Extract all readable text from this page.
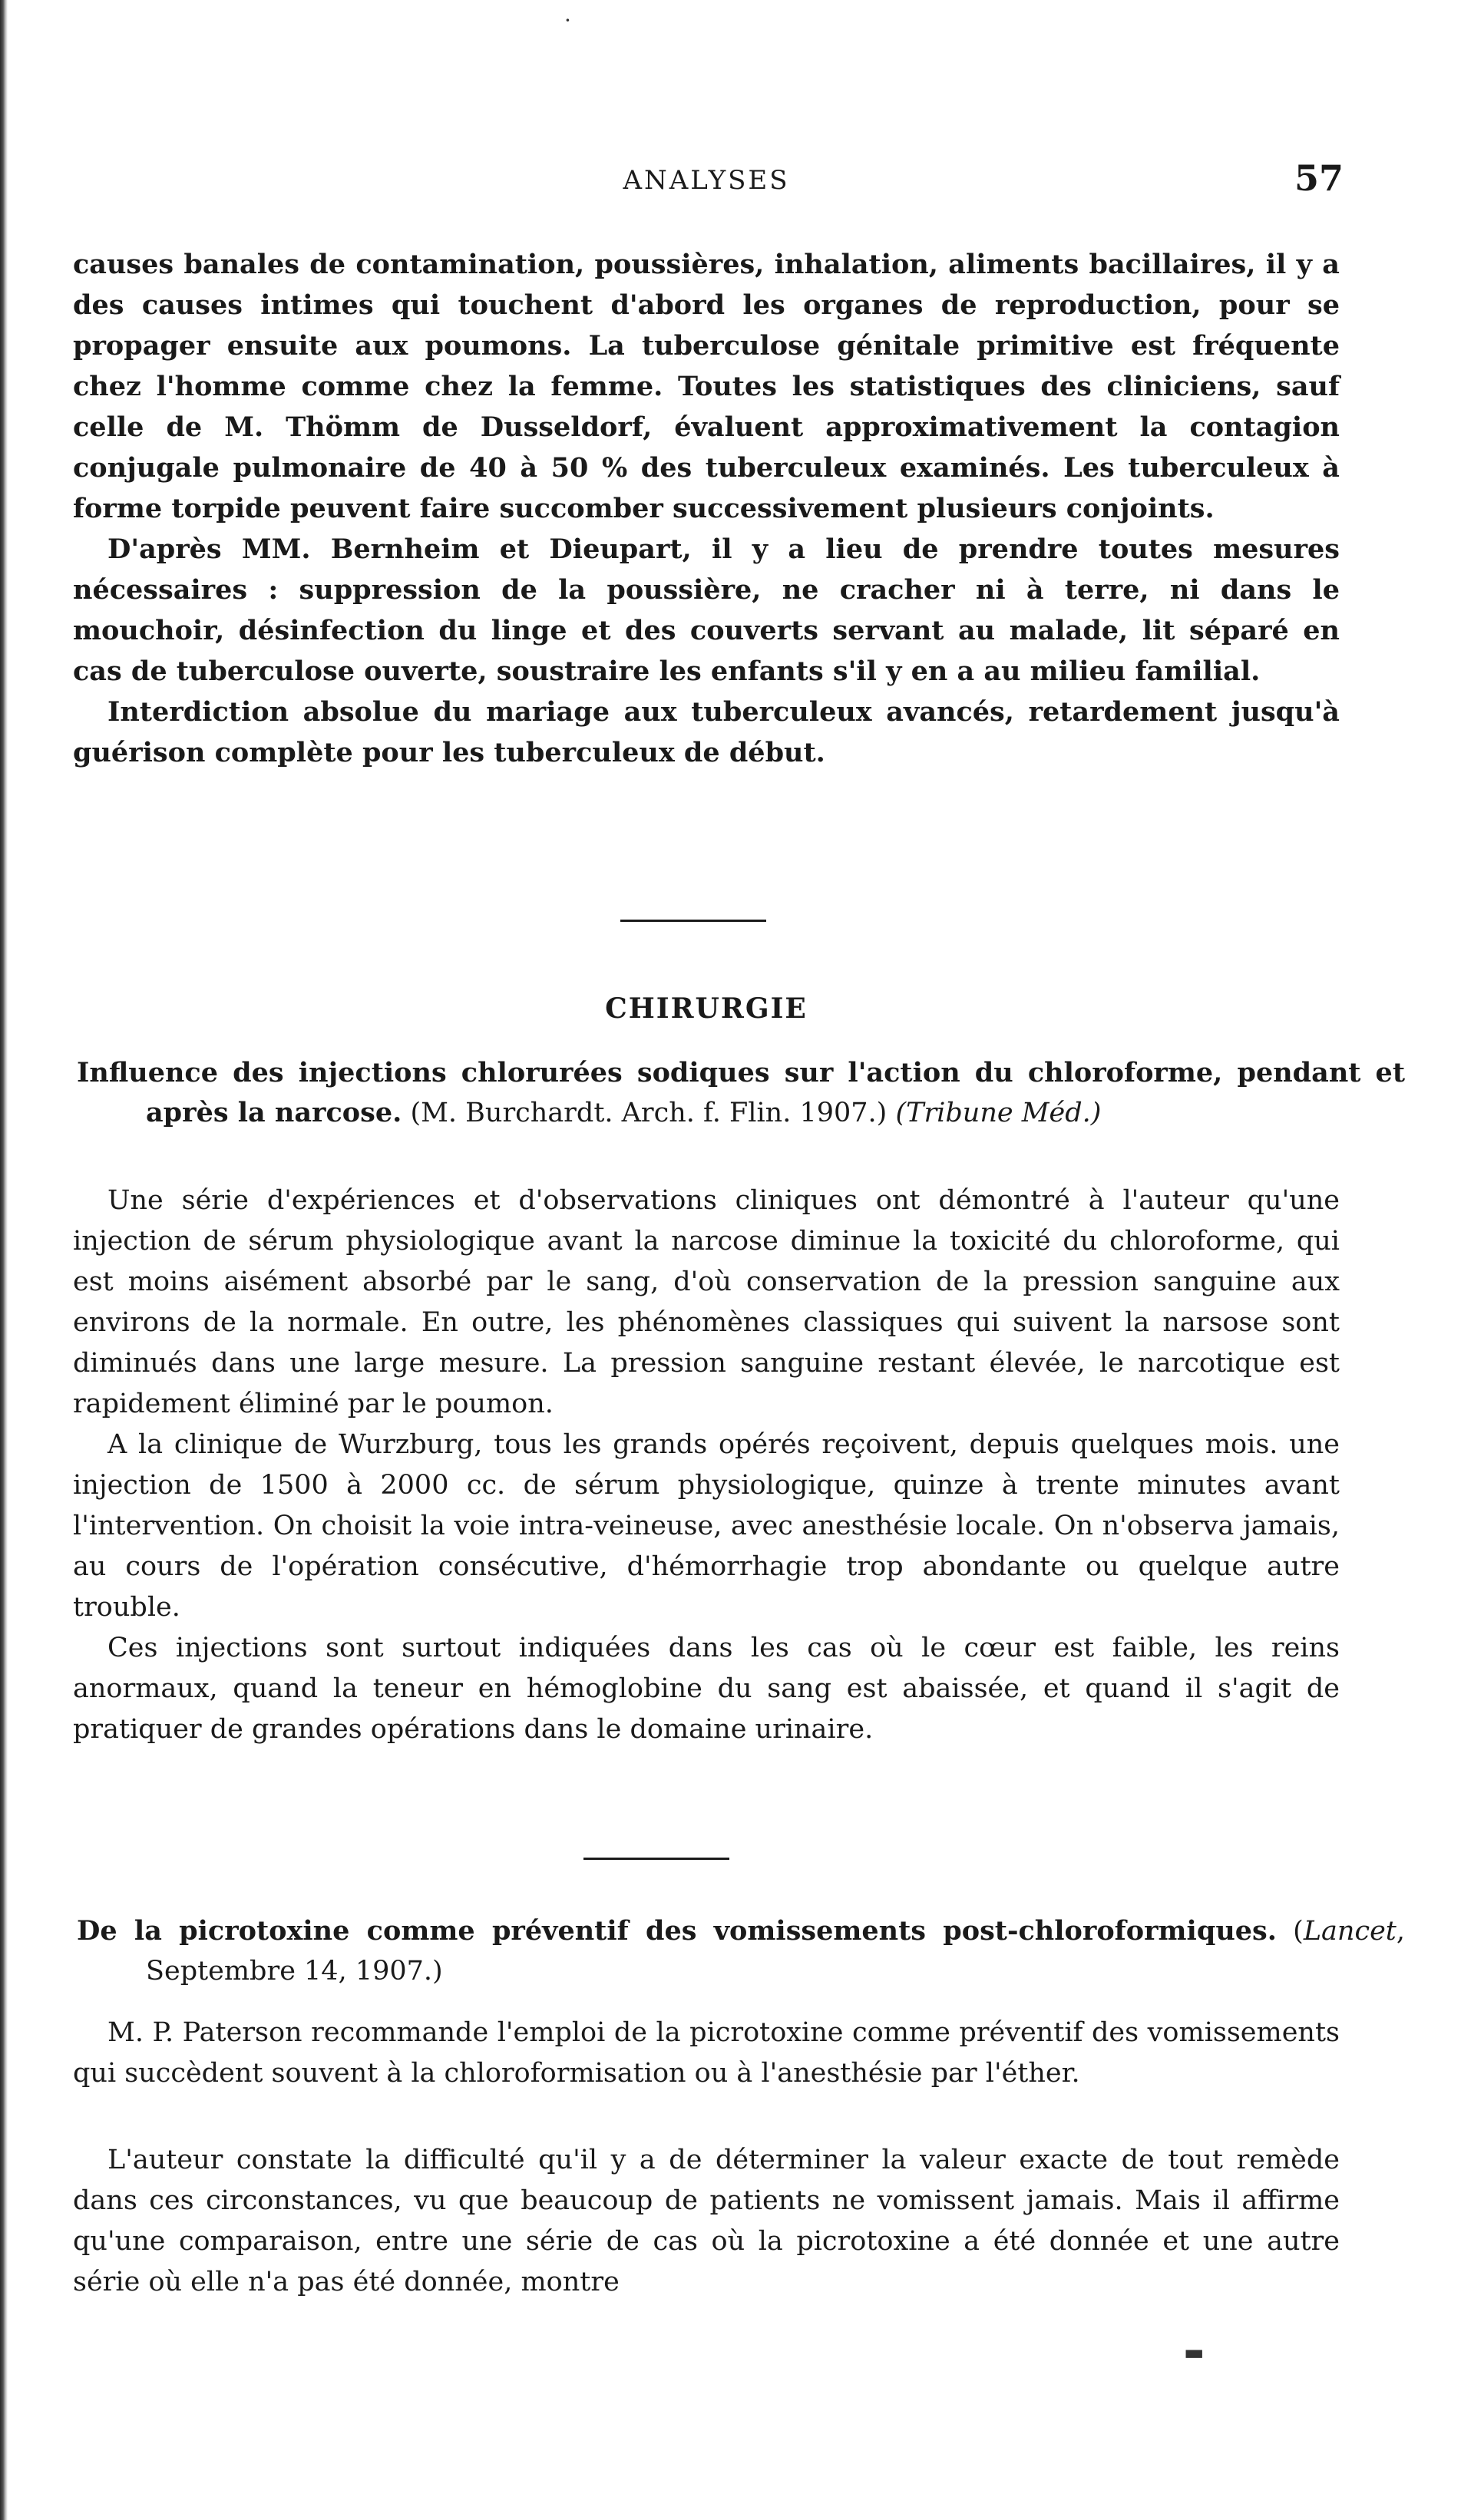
ANALYSES	57

causes banales de contamination, poussières, inhalation, aliments bacillaires, il y a des causes intimes qui touchent d'abord les organes de reproduction, pour se propager ensuite aux poumons. La tuberculose génitale primitive est fréquente chez l'homme comme chez la femme. Toutes les statistiques des cliniciens, sauf celle de M. Thömm de Dusseldorf, évaluent approximativement la contagion conjugale pulmonaire de 40 à 50 % des tuberculeux examinés. Les tuberculeux à forme torpide peuvent faire succomber successivement plusieurs conjoints.

D'après MM. Bernheim et Dieupart, il y a lieu de prendre toutes mesures nécessaires : suppression de la poussière, ne cracher ni à terre, ni dans le mouchoir, désinfection du linge et des couverts servant au malade, lit séparé en cas de tuberculose ouverte, soustraire les enfants s'il y en a au milieu familial.

Interdiction absolue du mariage aux tuberculeux avancés, retardement jusqu'à guérison complète pour les tuberculeux de début.

CHIRURGIE
Influence des injections chlorurées sodiques sur l'action du chloroforme, pendant et après la narcose. (M. Burchardt. Arch. f. Flin. 1907.) (Tribune Méd.)

Une série d'expériences et d'observations cliniques ont démontré à l'auteur qu'une injection de sérum physiologique avant la narcose diminue la toxicité du chloroforme, qui est moins aisément absorbé par le sang, d'où conservation de la pression sanguine aux environs de la normale. En outre, les phénomènes classiques qui suivent la narsose sont diminués dans une large mesure. La pression sanguine restant élevée, le narcotique est rapidement éliminé par le poumon.

A la clinique de Wurzburg, tous les grands opérés reçoivent, depuis quelques mois. une injection de 1500 à 2000 cc. de sérum physiologique, quinze à trente minutes avant l'intervention. On choisit la voie intra-veineuse, avec anesthésie locale. On n'observa jamais, au cours de l'opération consécutive, d'hémorrhagie trop abondante ou quelque autre trouble.

Ces injections sont surtout indiquées dans les cas où le cœur est faible, les reins anormaux, quand la teneur en hémoglobine du sang est abaissée, et quand il s'agit de pratiquer de grandes opérations dans le domaine urinaire.

De la picrotoxine comme préventif des vomissements post-chloroformiques. (Lancet, Septembre 14, 1907.)

M. P. Paterson recommande l'emploi de la picrotoxine comme préventif des vomissements qui succèdent souvent à la chloroformisation ou à l'anesthésie par l'éther.

L'auteur constate la difficulté qu'il y a de déterminer la valeur exacte de tout remède dans ces circonstances, vu que beaucoup de patients ne vomissent jamais. Mais il affirme qu'une comparaison, entre une série de cas où la picrotoxine a été donnée et une autre série où elle n'a pas été donnée, montre

·
▬
